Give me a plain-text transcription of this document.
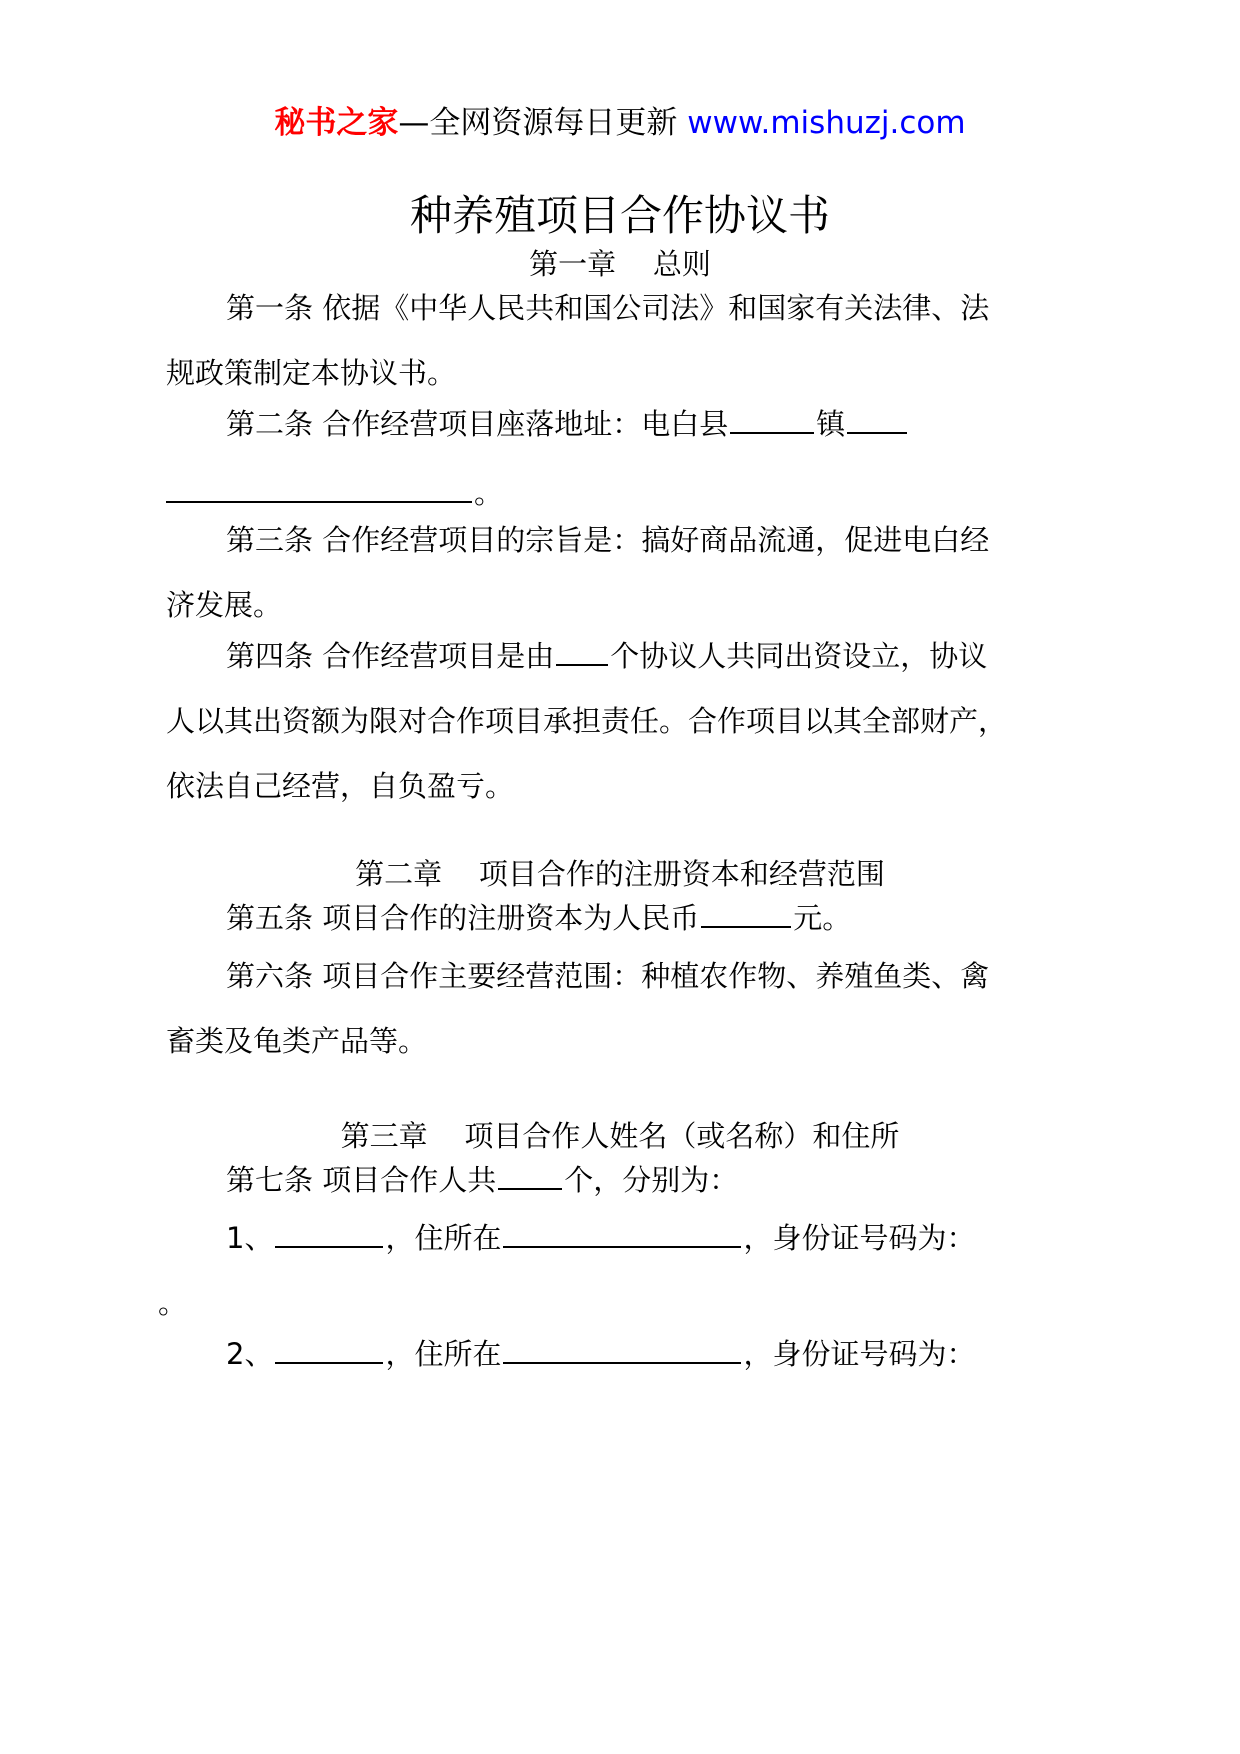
秘书之家—全网资源每日更新 www.mishuzj.com
种养殖项目合作协议书
第一章    总则
第一条 依据《中华人民共和国公司法》和国家有关法律、法
规政策制定本协议书。
第二条 合作经营项目座落地址：电白县	镇
。
第三条 合作经营项目的宗旨是：搞好商品流通，促进电白经
济发展。
第四条 合作经营项目是由 个协议人共同出资设立，协议
人以其出资额为限对合作项目承担责任。合作项目以其全部财产，
依法自己经营，自负盈亏。
第二章    项目合作的注册资本和经营范围
第五条 项目合作的注册资本为人民币	元。
第六条 项目合作主要经营范围：种植农作物、养殖鱼类、禽
畜类及龟类产品等。
第三章    项目合作人姓名（或名称）和住所
第七条 项目合作人共 个，分别为：
1、	，住所在	，身份证号码为：
。
2、	，住所在	，身份证号码为：
